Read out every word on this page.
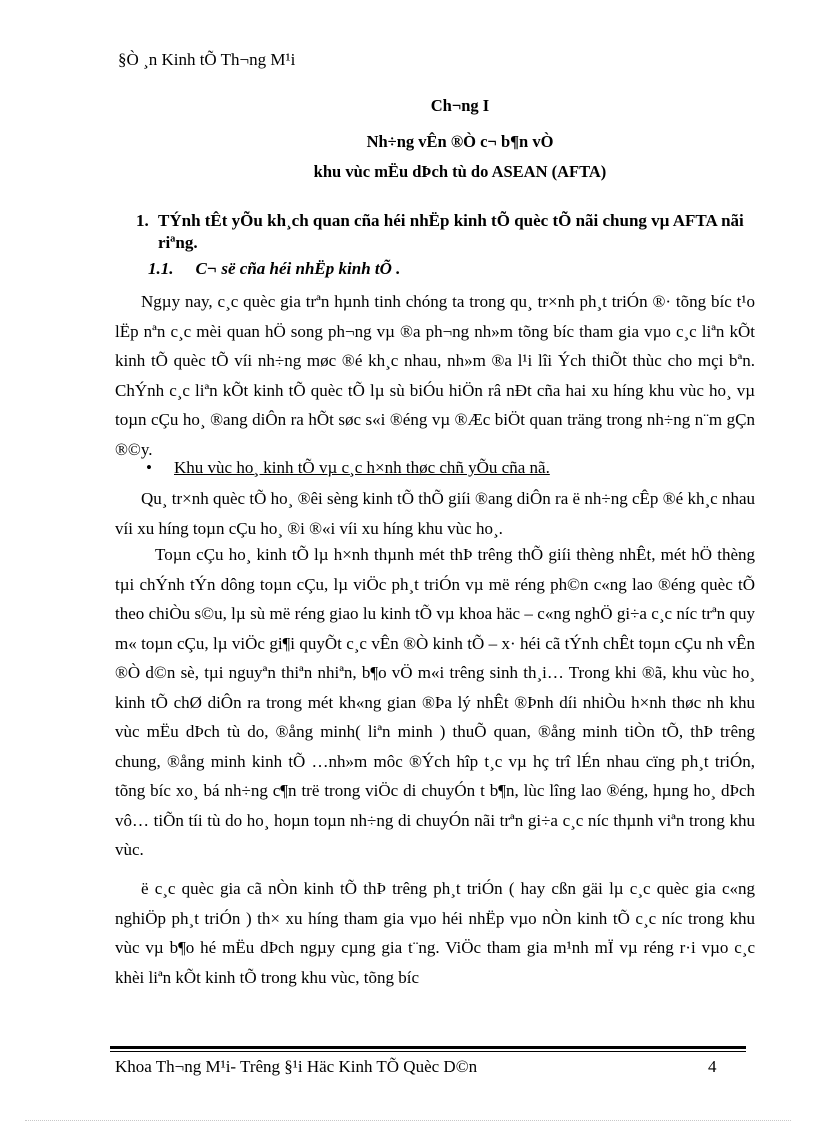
§Ò ¸n Kinh tÕ Th¬ng M¹i
Ch¬ng I
Nh÷ng vÊn ®Ò c¬ b¶n vÒ
khu vùc mËu dÞch tù do ASEAN (AFTA)
1. TÝnh tÊt yÕu kh¸ch quan cña héi nhËp kinh tÕ quèc tÕ nãi chung vµ AFTA nãi riªng.
1.1. C¬ së cña héi nhËp kinh tÕ .

Ngµy nay, c¸c quèc gia trªn hµnh tinh chóng ta trong qu¸ tr×nh ph¸t triÓn ®· tõng bíc t¹o lËp nªn c¸c mèi quan hÖ song ph¬ng vµ ®a ph¬ng nh»m tõng bíc tham gia vµo c¸c liªn kÕt kinh tÕ quèc tÕ víi nh÷ng møc ®é kh¸c nhau, nh»m ®a l¹i lîi Ých thiÕt thùc cho mçi bªn. ChÝnh c¸c liªn kÕt kinh tÕ quèc tÕ lµ sù biÓu hiÖn râ nÐt cña hai xu híng khu vùc ho¸ vµ toµn cÇu ho¸ ®ang diÔn ra hÕt søc s«i ®éng vµ ®Æc biÖt quan träng trong nh÷ng n¨m gÇn ®©y.

• Khu vùc ho¸ kinh tÕ vµ c¸c h×nh thøc chñ yÕu cña nã.

Qu¸ tr×nh quèc tÕ ho¸ ®êi sèng kinh tÕ thÕ giíi ®ang diÔn ra ë nh÷ng cÊp ®é kh¸c nhau víi xu híng toµn cÇu ho¸ ®i ®«i víi xu híng khu vùc ho¸.

Toµn cÇu ho¸ kinh tÕ lµ h×nh thµnh mét thÞ trêng thÕ giíi thèng nhÊt, mét hÖ thèng tµi chÝnh tÝn dông toµn cÇu, lµ viÖc ph¸t triÓn vµ më réng ph©n c«ng lao ®éng quèc tÕ theo chiÒu s©u, lµ sù më réng giao lu kinh tÕ vµ khoa häc – c«ng nghÖ gi÷a c¸c níc trªn quy m« toµn cÇu, lµ viÖc gi¶i quyÕt c¸c vÊn ®Ò kinh tÕ – x· héi cã tÝnh chÊt toµn cÇu nh vÊn ®Ò d©n sè, tµi nguyªn thiªn nhiªn, b¶o vÖ m«i trêng sinh th¸i… Trong khi ®ã, khu vùc ho¸ kinh tÕ chØ diÔn ra trong mét kh«ng gian ®Þa lý nhÊt ®Þnh díi nhiÒu h×nh thøc nh khu vùc mËu dÞch tù do, ®ång minh( liªn minh ) thuÕ quan, ®ång minh tiÒn tÕ, thÞ trêng chung, ®ång minh kinh tÕ …nh»m môc ®Ých hîp t¸c vµ hç trî lÉn nhau cïng ph¸t triÓn, tõng bíc xo¸ bá nh÷ng c¶n trë trong viÖc di chuyÓn t b¶n, lùc lîng lao ®éng, hµng ho¸ dÞch vô… tiÕn tíi tù do ho¸ hoµn toµn nh÷ng di chuyÓn nãi trªn gi÷a c¸c níc thµnh viªn trong khu vùc.

ë c¸c quèc gia cã nÒn kinh tÕ thÞ trêng ph¸t triÓn ( hay cßn gäi lµ c¸c quèc gia c«ng nghiÖp ph¸t triÓn ) th× xu híng tham gia vµo héi nhËp vµo nÒn kinh tÕ c¸c níc trong khu vùc vµ b¶o hé mËu dÞch ngµy cµng gia t¨ng. ViÖc tham gia m¹nh mÏ vµ réng r·i vµo c¸c khèi liªn kÕt kinh tÕ trong khu vùc, tõng bíc

Khoa Th¬ng M¹i- Trêng §¹i Häc Kinh TÕ Quèc D©n	4
